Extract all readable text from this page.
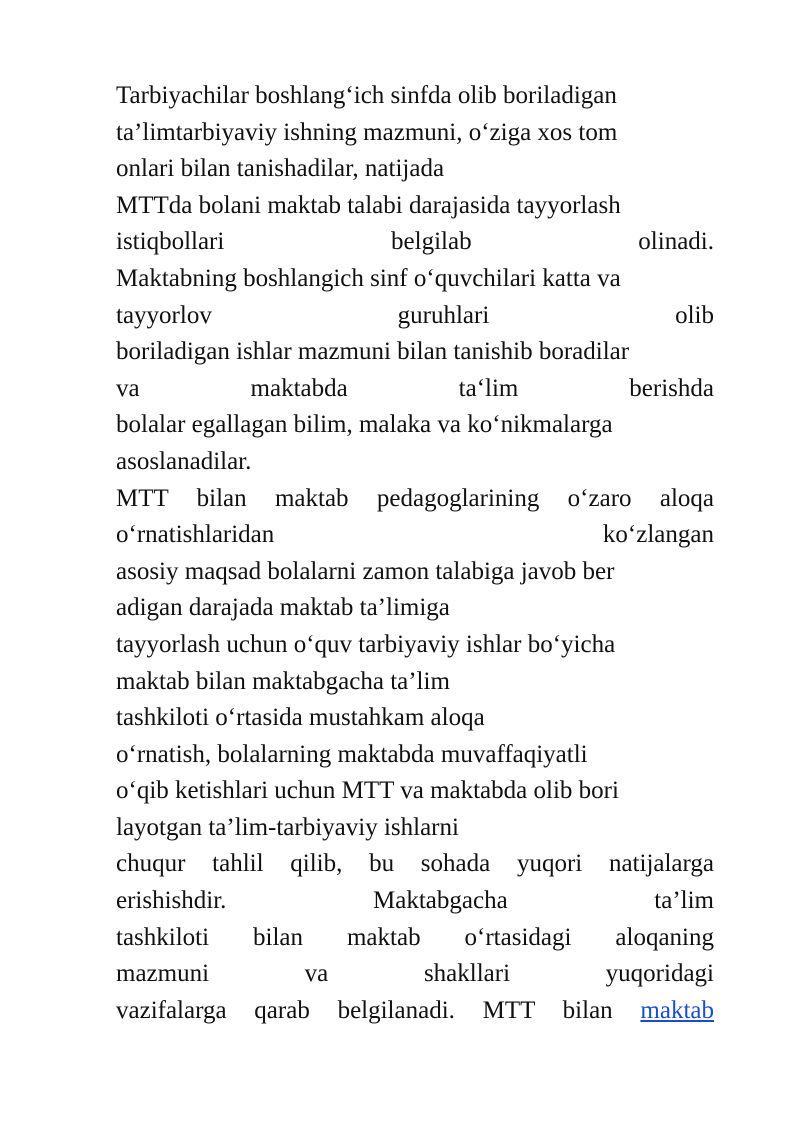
Tarbiyachilar boshlang‘ich sinfda olib boriladigan
ta’limtarbiyaviy ishning mazmuni, o‘ziga xos tom
onlari bilan tanishadilar, natijada
MTTda bolani maktab talabi darajasida tayyorlash
istiqbollari belgilab olinadi.
Maktabning boshlangich sinf o‘quvchilari katta va
tayyorlov guruhlari olib
boriladigan ishlar mazmuni bilan tanishib boradilar
va maktabda ta‘lim berishda
bolalar egallagan bilim, malaka va ko‘nikmalarga
asoslanadilar.
MTT bilan maktab pedagoglarining o‘zaro aloqa
o‘rnatishlaridan ko‘zlangan
asosiy maqsad bolalarni zamon talabiga javob ber
adigan darajada maktab ta’limiga
tayyorlash uchun o‘quv tarbiyaviy ishlar bo‘yicha
maktab bilan maktabgacha ta’lim
tashkiloti o‘rtasida mustahkam aloqa
o‘rnatish, bolalarning maktabda muvaffaqiyatli
o‘qib ketishlari uchun MTT va maktabda olib bori
layotgan ta’lim-tarbiyaviy ishlarni
chuqur tahlil qilib, bu sohada yuqori natijalarga
erishishdir. Maktabgacha ta’lim
tashkiloti bilan maktab o‘rtasidagi aloqaning
mazmuni va shakllari yuqoridagi
vazifalarga qarab belgilanadi. MTT bilan maktab
